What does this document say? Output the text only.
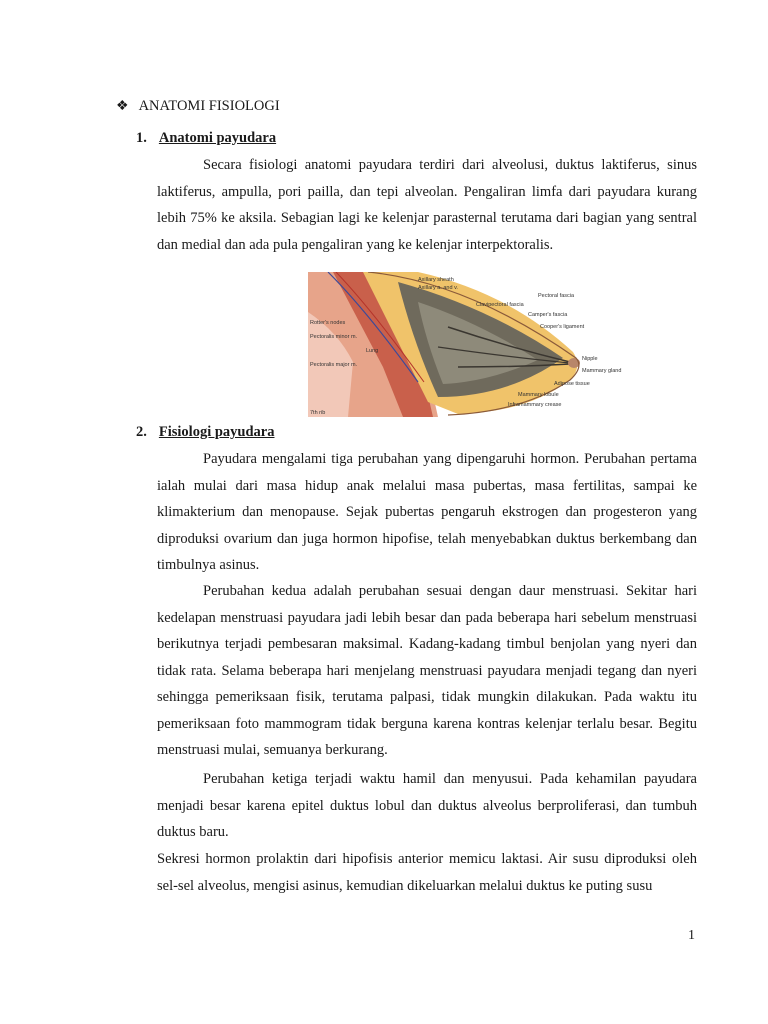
❖ ANATOMI FISIOLOGI
1. Anatomi payudara

Secara fisiologi anatomi payudara terdiri dari alveolusi, duktus laktiferus, sinus laktiferus, ampulla, pori pailla, dan tepi alveolan. Pengaliran limfa dari payudara kurang lebih 75% ke aksila. Sebagian lagi ke kelenjar parasternal terutama dari bagian yang sentral dan medial dan ada pula pengaliran yang ke kelenjar interpektoralis.

Axillary sheath
Axillary a. and v.
Pectoral fascia
Clavipectoral fascia
Camper's fascia
Cooper's ligament
Rotter's nodes
Pectoralis minor m.
Lung
Pectoralis major m.
Nipple
Mammary gland
Adipose tissue
Mammary lobule
Inframammary crease
7th rib
2. Fisiologi payudara

Payudara mengalami tiga perubahan yang dipengaruhi hormon. Perubahan pertama ialah mulai dari masa hidup anak melalui masa pubertas, masa fertilitas, sampai ke klimakterium dan menopause. Sejak pubertas pengaruh ekstrogen dan progesteron yang diproduksi ovarium dan juga hormon hipofise, telah menyebabkan duktus berkembang dan timbulnya asinus.

Perubahan kedua adalah perubahan sesuai dengan daur menstruasi. Sekitar hari kedelapan menstruasi payudara jadi lebih besar dan pada beberapa hari sebelum menstruasi berikutnya terjadi pembesaran maksimal. Kadang-kadang timbul benjolan yang nyeri dan tidak rata. Selama beberapa hari menjelang menstruasi payudara menjadi tegang dan nyeri sehingga pemeriksaan fisik, terutama palpasi, tidak mungkin dilakukan. Pada waktu itu pemeriksaan foto mammogram tidak berguna karena kontras kelenjar terlalu besar. Begitu menstruasi mulai, semuanya berkurang.

Perubahan ketiga terjadi waktu hamil dan menyusui. Pada kehamilan payudara menjadi besar karena epitel duktus lobul dan duktus alveolus berproliferasi, dan tumbuh duktus baru.

Sekresi hormon prolaktin dari hipofisis anterior memicu laktasi. Air susu diproduksi oleh sel-sel alveolus, mengisi asinus, kemudian dikeluarkan melalui duktus ke puting susu

1
